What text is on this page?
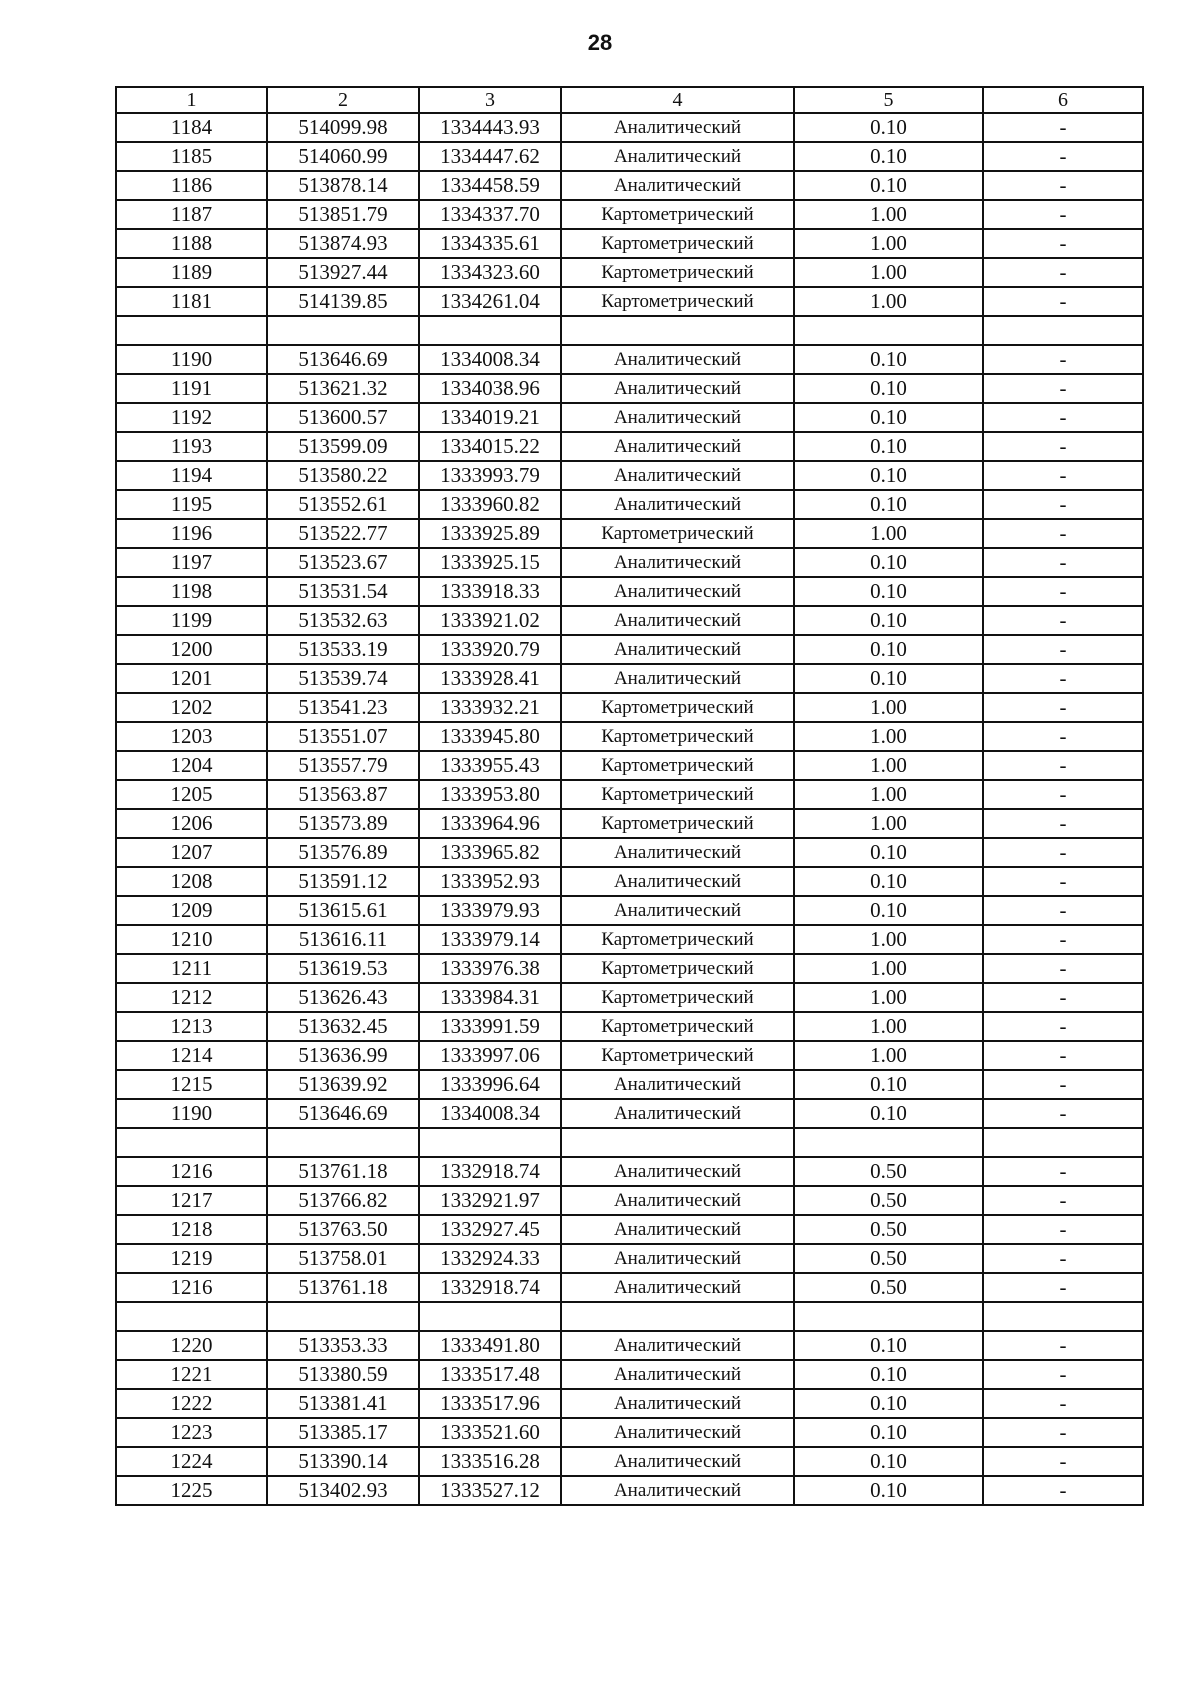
28
1	2	3	4	5	6
1184	514099.98	1334443.93	Аналитический	0.10	-
1185	514060.99	1334447.62	Аналитический	0.10	-
1186	513878.14	1334458.59	Аналитический	0.10	-
1187	513851.79	1334337.70	Картометрический	1.00	-
1188	513874.93	1334335.61	Картометрический	1.00	-
1189	513927.44	1334323.60	Картометрический	1.00	-
1181	514139.85	1334261.04	Картометрический	1.00	-

1190	513646.69	1334008.34	Аналитический	0.10	-
1191	513621.32	1334038.96	Аналитический	0.10	-
1192	513600.57	1334019.21	Аналитический	0.10	-
1193	513599.09	1334015.22	Аналитический	0.10	-
1194	513580.22	1333993.79	Аналитический	0.10	-
1195	513552.61	1333960.82	Аналитический	0.10	-
1196	513522.77	1333925.89	Картометрический	1.00	-
1197	513523.67	1333925.15	Аналитический	0.10	-
1198	513531.54	1333918.33	Аналитический	0.10	-
1199	513532.63	1333921.02	Аналитический	0.10	-
1200	513533.19	1333920.79	Аналитический	0.10	-
1201	513539.74	1333928.41	Аналитический	0.10	-
1202	513541.23	1333932.21	Картометрический	1.00	-
1203	513551.07	1333945.80	Картометрический	1.00	-
1204	513557.79	1333955.43	Картометрический	1.00	-
1205	513563.87	1333953.80	Картометрический	1.00	-
1206	513573.89	1333964.96	Картометрический	1.00	-
1207	513576.89	1333965.82	Аналитический	0.10	-
1208	513591.12	1333952.93	Аналитический	0.10	-
1209	513615.61	1333979.93	Аналитический	0.10	-
1210	513616.11	1333979.14	Картометрический	1.00	-
1211	513619.53	1333976.38	Картометрический	1.00	-
1212	513626.43	1333984.31	Картометрический	1.00	-
1213	513632.45	1333991.59	Картометрический	1.00	-
1214	513636.99	1333997.06	Картометрический	1.00	-
1215	513639.92	1333996.64	Аналитический	0.10	-
1190	513646.69	1334008.34	Аналитический	0.10	-

1216	513761.18	1332918.74	Аналитический	0.50	-
1217	513766.82	1332921.97	Аналитический	0.50	-
1218	513763.50	1332927.45	Аналитический	0.50	-
1219	513758.01	1332924.33	Аналитический	0.50	-
1216	513761.18	1332918.74	Аналитический	0.50	-

1220	513353.33	1333491.80	Аналитический	0.10	-
1221	513380.59	1333517.48	Аналитический	0.10	-
1222	513381.41	1333517.96	Аналитический	0.10	-
1223	513385.17	1333521.60	Аналитический	0.10	-
1224	513390.14	1333516.28	Аналитический	0.10	-
1225	513402.93	1333527.12	Аналитический	0.10	-
